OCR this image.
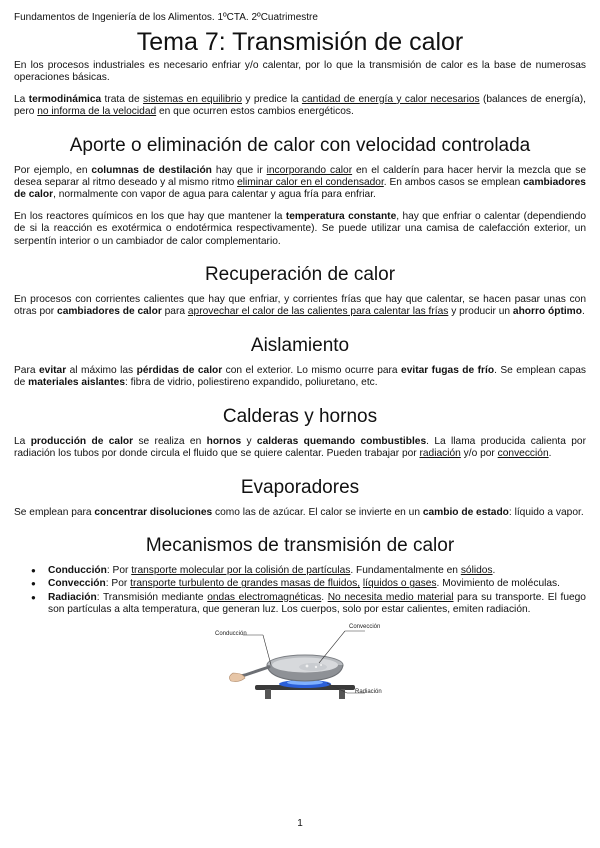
Fundamentos de Ingeniería de los Alimentos. 1ºCTA. 2ºCuatrimestre
Tema 7: Transmisión de calor

En los procesos industriales es necesario enfriar y/o calentar, por lo que la transmisión de calor es la base de numerosas operaciones básicas.

La termodinámica trata de sistemas en equilibrio y predice la cantidad de energía y calor necesarios (balances de energía), pero no informa de la velocidad en que ocurren estos cambios energéticos.

Aporte o eliminación de calor con velocidad controlada

Por ejemplo, en columnas de destilación hay que ir incorporando calor en el calderín para hacer hervir la mezcla que se desea separar al ritmo deseado y al mismo ritmo eliminar calor en el condensador. En ambos casos se emplean cambiadores de calor, normalmente con vapor de agua para calentar y agua fría para enfriar.

En los reactores químicos en los que hay que mantener la temperatura constante, hay que enfriar o calentar (dependiendo de si la reacción es exotérmica o endotérmica respectivamente). Se puede utilizar una camisa de calefacción exterior, un serpentín interior o un cambiador de calor complementario.

Recuperación de calor

En procesos con corrientes calientes que hay que enfriar, y corrientes frías que hay que calentar, se hacen pasar unas con otras por cambiadores de calor para aprovechar el calor de las calientes para calentar las frías y producir un ahorro óptimo.

Aislamiento

Para evitar al máximo las pérdidas de calor con el exterior. Lo mismo ocurre para evitar fugas de frío. Se emplean capas de materiales aislantes: fibra de vidrio, poliestireno expandido, poliuretano, etc.

Calderas y hornos

La producción de calor se realiza en hornos y calderas quemando combustibles. La llama producida calienta por radiación los tubos por donde circula el fluido que se quiere calentar. Pueden trabajar por radiación y/o por convección.

Evaporadores

Se emplean para concentrar disoluciones como las de azúcar. El calor se invierte en un cambio de estado: líquido a vapor.

Mecanismos de transmisión de calor
● Conducción: Por transporte molecular por la colisión de partículas. Fundamentalmente en sólidos.
● Convección: Por transporte turbulento de grandes masas de fluidos, líquidos o gases. Movimiento de moléculas.
● Radiación: Transmisión mediante ondas electromagnéticas. No necesita medio material para su transporte. El fuego son partículas a alta temperatura, que generan luz. Los cuerpos, solo por estar calientes, emiten radiación.
Conducción
Convección
Radiación
1
